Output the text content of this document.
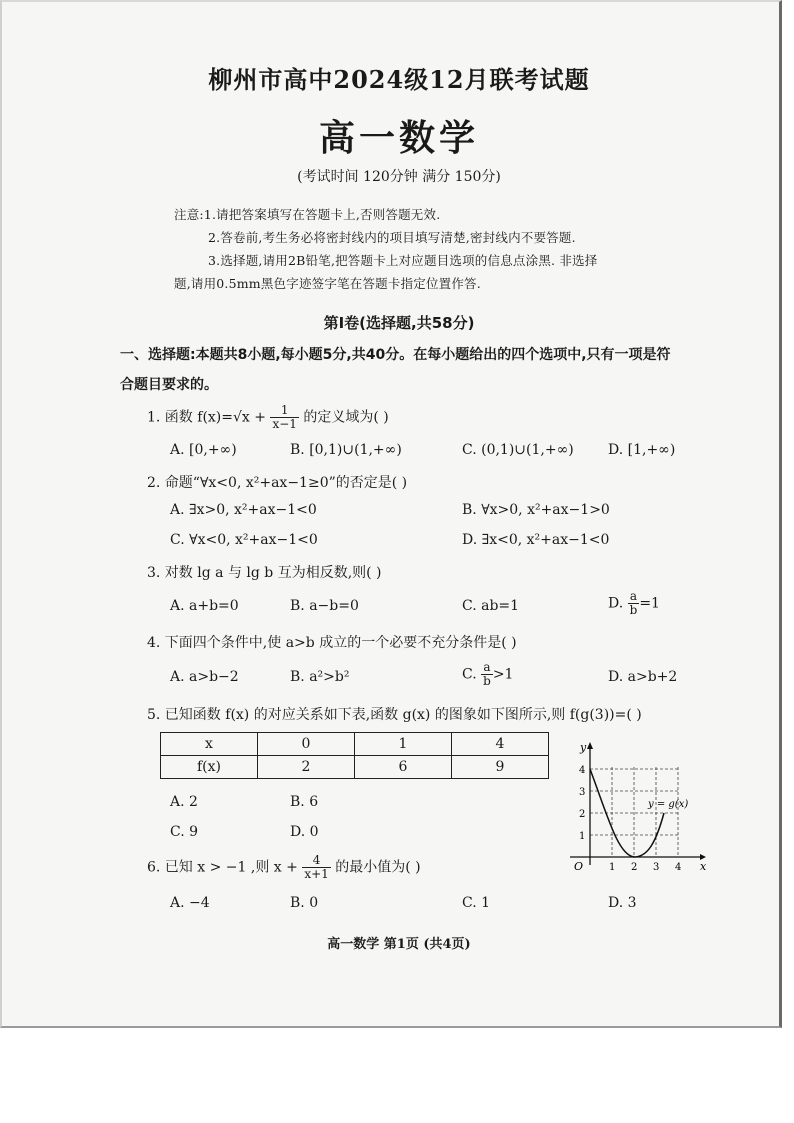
柳州市高中2024级12月联考试题
高一数学
(考试时间 120分钟 满分 150分)
注意:1.请把答案填写在答题卡上,否则答题无效.
2.答卷前,考生务必将密封线内的项目填写清楚,密封线内不要答题.
3.选择题,请用2B铅笔,把答题卡上对应题目选项的信息点涂黑. 非选择
题,请用0.5mm黑色字迹签字笔在答题卡指定位置作答.
第Ⅰ卷(选择题,共58分)
一、选择题:本题共8小题,每小题5分,共40分。在每小题给出的四个选项中,只有一项是符
合题目要求的。
1. 函数 $f(x)=√x + \frac{1}{x-1}$ 的定义域为( )
A. [0,+∞)	B. [0,1)∪(1,+∞)	C. (0,1)∪(1,+∞) D. [1,+∞)
2. 命题“∀x<0, x²+ax−1≥0”的否定是( )
A. ∃x>0, x²+ax−1<0	B. ∀x>0, x²+ax−1>0
C. ∀x<0, x²+ax−1<0	D. ∃x<0, x²+ax−1<0
3. 对数 lg a 与 lg b 互为相反数,则( )
A. a+b=0	B. a−b=0	C. ab=1	D. $\frac{a}{b} =1$
4. 下面四个条件中,使 a>b 成立的一个必要不充分条件是( )
A. a>b−2	B. a²>b²	C. $\frac{a}{b} >1$	D. a>b+2
5. 已知函数 f(x) 的对应关系如下表,函数 g(x) 的图象如下图所示,则 f(g(3))=( )
x	0	1	4
f(x)	2	6	9
A. 2	B. 6
C. 9	D. 0
y
x
O	1 2 3 4
1
2
3
4
y = g(x)
6. 已知 x > −1 ,则 $x + \frac{4}{x+1}$ 的最小值为( )
A. −4	B. 0	C. 1	D. 3
高一数学 第1页 (共4页)
